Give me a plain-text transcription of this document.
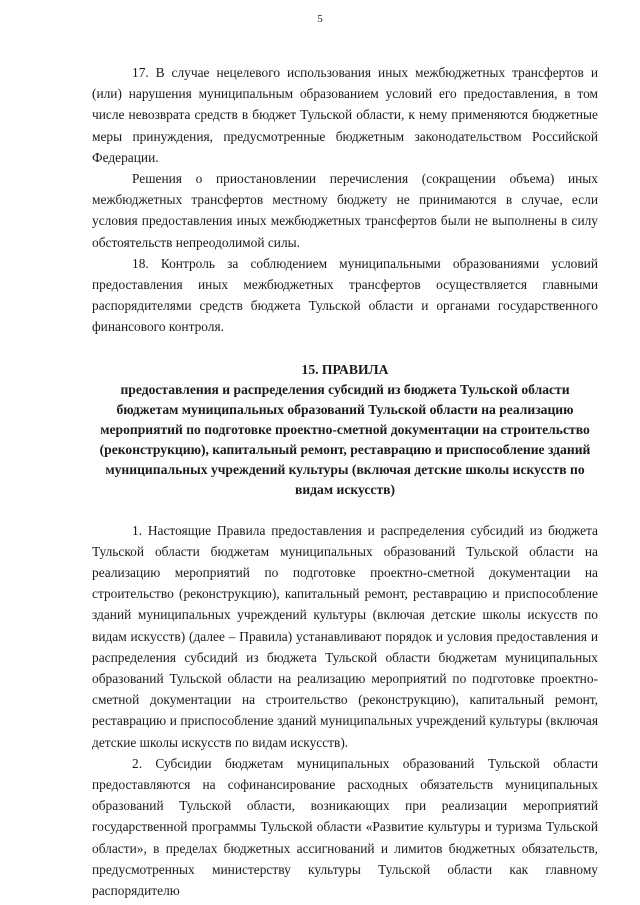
5

17. В случае нецелевого использования иных межбюджетных трансфертов и (или) нарушения муниципальным образованием условий его предоставления, в том числе невозврата средств в бюджет Тульской области, к нему применяются бюджетные меры принуждения, предусмотренные бюджетным законодательством Российской Федерации.

Решения о приостановлении перечисления (сокращении объема) иных межбюджетных трансфертов местному бюджету не принимаются в случае, если условия предоставления иных межбюджетных трансфертов были не выполнены в силу обстоятельств непреодолимой силы.

18. Контроль за соблюдением муниципальными образованиями условий предоставления иных межбюджетных трансфертов осуществляется главными распорядителями средств бюджета Тульской области и органами государственного финансового контроля.

15. ПРАВИЛА
предоставления и распределения субсидий из бюджета Тульской области бюджетам муниципальных образований Тульской области на реализацию мероприятий по подготовке проектно-сметной документации на строительство (реконструкцию), капитальный ремонт, реставрацию и приспособление зданий муниципальных учреждений культуры (включая детские школы искусств по видам искусств)

1. Настоящие Правила предоставления и распределения субсидий из бюджета Тульской области бюджетам муниципальных образований Тульской области на реализацию мероприятий по подготовке проектно-сметной документации на строительство (реконструкцию), капитальный ремонт, реставрацию и приспособление зданий муниципальных учреждений культуры (включая детские школы искусств по видам искусств) (далее – Правила) устанавливают порядок и условия предоставления и распределения субсидий из бюджета Тульской области бюджетам муниципальных образований Тульской области на реализацию мероприятий по подготовке проектно-сметной документации на строительство (реконструкцию), капитальный ремонт, реставрацию и приспособление зданий муниципальных учреждений культуры (включая детские школы искусств по видам искусств).

2. Субсидии бюджетам муниципальных образований Тульской области предоставляются на софинансирование расходных обязательств муниципальных образований Тульской области, возникающих при реализации мероприятий государственной программы Тульской области «Развитие культуры и туризма Тульской области», в пределах бюджетных ассигнований и лимитов бюджетных обязательств, предусмотренных министерству культуры Тульской области как главному распорядителю
